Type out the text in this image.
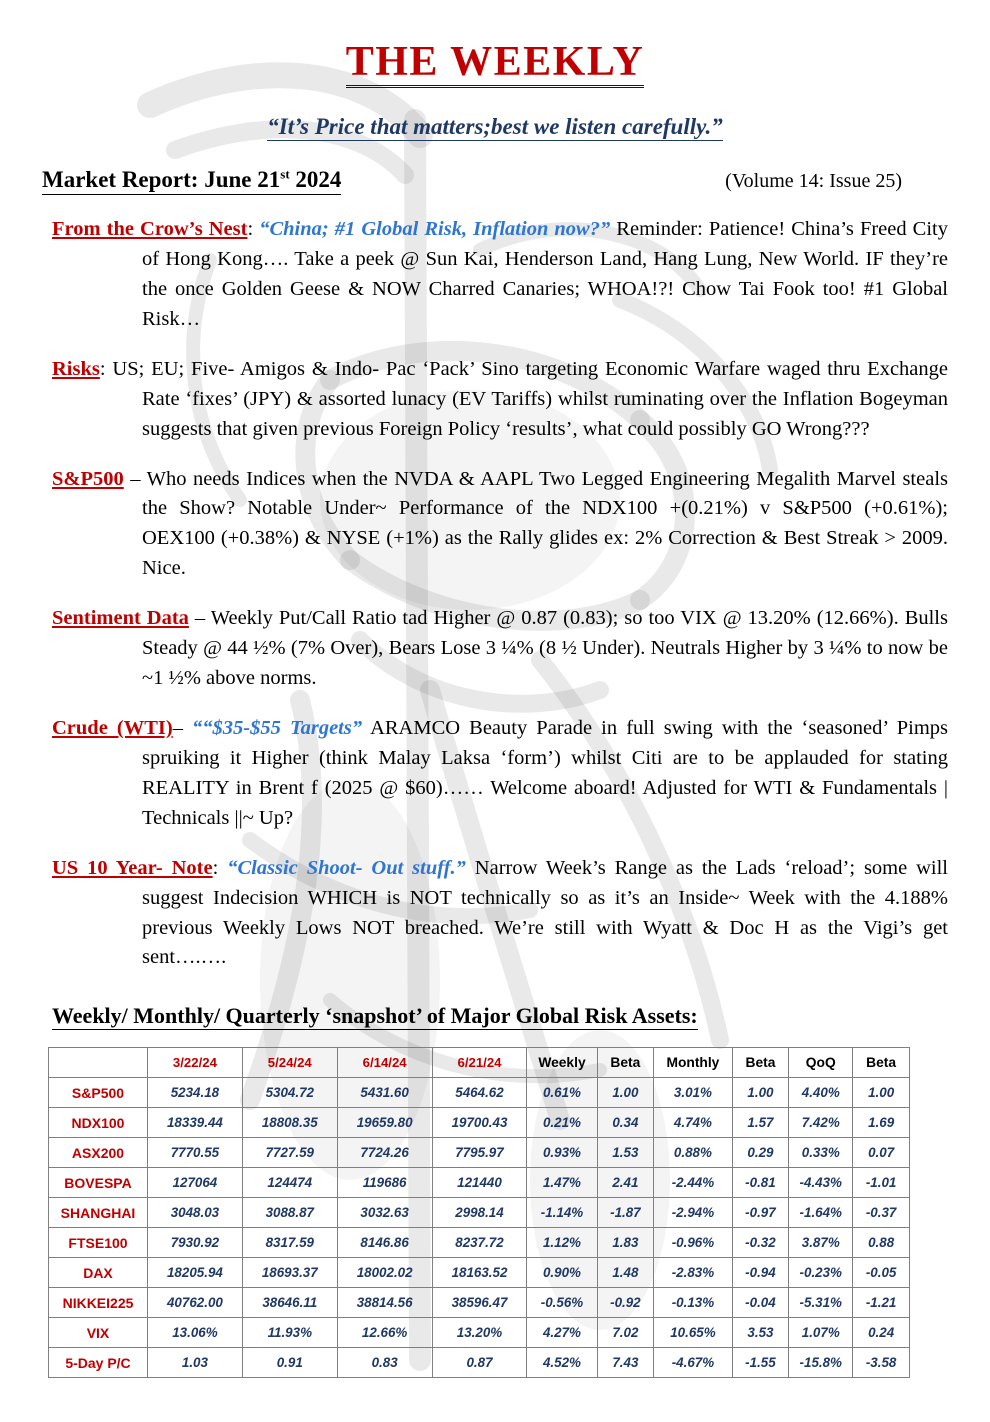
THE WEEKLY
“It’s Price that matters;best we listen carefully.”
Market Report: June 21st 2024	(Volume 14: Issue 25)
From the Crow’s Nest: “China; #1 Global Risk, Inflation now?” Reminder: Patience! China’s Freed City of Hong Kong…. Take a peek @ Sun Kai, Henderson Land, Hang Lung, New World. IF they’re the once Golden Geese & NOW Charred Canaries; WHOA!?! Chow Tai Fook too! #1 Global Risk…
Risks: US; EU; Five- Amigos & Indo- Pac ‘Pack’ Sino targeting Economic Warfare waged thru Exchange Rate ‘fixes’ (JPY) & assorted lunacy (EV Tariffs) whilst ruminating over the Inflation Bogeyman suggests that given previous Foreign Policy ‘results’, what could possibly GO Wrong???
S&P500 – Who needs Indices when the NVDA & AAPL Two Legged Engineering Megalith Marvel steals the Show? Notable Under~ Performance of the NDX100 +(0.21%) v S&P500 (+0.61%); OEX100 (+0.38%) & NYSE (+1%) as the Rally glides ex: 2% Correction & Best Streak > 2009. Nice.
Sentiment Data – Weekly Put/Call Ratio tad Higher @ 0.87 (0.83); so too VIX @ 13.20% (12.66%). Bulls Steady @ 44 ½% (7% Over), Bears Lose 3 ¼% (8 ½ Under). Neutrals Higher by 3 ¼% to now be ~1 ½% above norms.
Crude (WTI)– ““$35-$55 Targets” ARAMCO Beauty Parade in full swing with the ‘seasoned’ Pimps spruiking it Higher (think Malay Laksa ‘form’) whilst Citi are to be applauded for stating REALITY in Brent f (2025 @ $60)…… Welcome aboard! Adjusted for WTI & Fundamentals | Technicals ||~ Up?
US 10 Year- Note: “Classic Shoot- Out stuff.” Narrow Week’s Range as the Lads ‘reload’; some will suggest Indecision WHICH is NOT technically so as it’s an Inside~ Week with the 4.188% previous Weekly Lows NOT breached. We’re still with Wyatt & Doc H as the Vigi’s get sent….….
Weekly/ Monthly/ Quarterly ‘snapshot’ of Major Global Risk Assets:
	3/22/24	5/24/24	6/14/24	6/21/24	Weekly	Beta	Monthly	Beta	QoQ	Beta
S&P500	5234.18	5304.72	5431.60	5464.62	0.61%	1.00	3.01%	1.00	4.40%	1.00
NDX100	18339.44	18808.35	19659.80	19700.43	0.21%	0.34	4.74%	1.57	7.42%	1.69
ASX200	7770.55	7727.59	7724.26	7795.97	0.93%	1.53	0.88%	0.29	0.33%	0.07
BOVESPA	127064	124474	119686	121440	1.47%	2.41	-2.44%	-0.81	-4.43%	-1.01
SHANGHAI	3048.03	3088.87	3032.63	2998.14	-1.14%	-1.87	-2.94%	-0.97	-1.64%	-0.37
FTSE100	7930.92	8317.59	8146.86	8237.72	1.12%	1.83	-0.96%	-0.32	3.87%	0.88
DAX	18205.94	18693.37	18002.02	18163.52	0.90%	1.48	-2.83%	-0.94	-0.23%	-0.05
NIKKEI225	40762.00	38646.11	38814.56	38596.47	-0.56%	-0.92	-0.13%	-0.04	-5.31%	-1.21
VIX	13.06%	11.93%	12.66%	13.20%	4.27%	7.02	10.65%	3.53	1.07%	0.24
5-Day P/C	1.03	0.91	0.83	0.87	4.52%	7.43	-4.67%	-1.55	-15.8%	-3.58
